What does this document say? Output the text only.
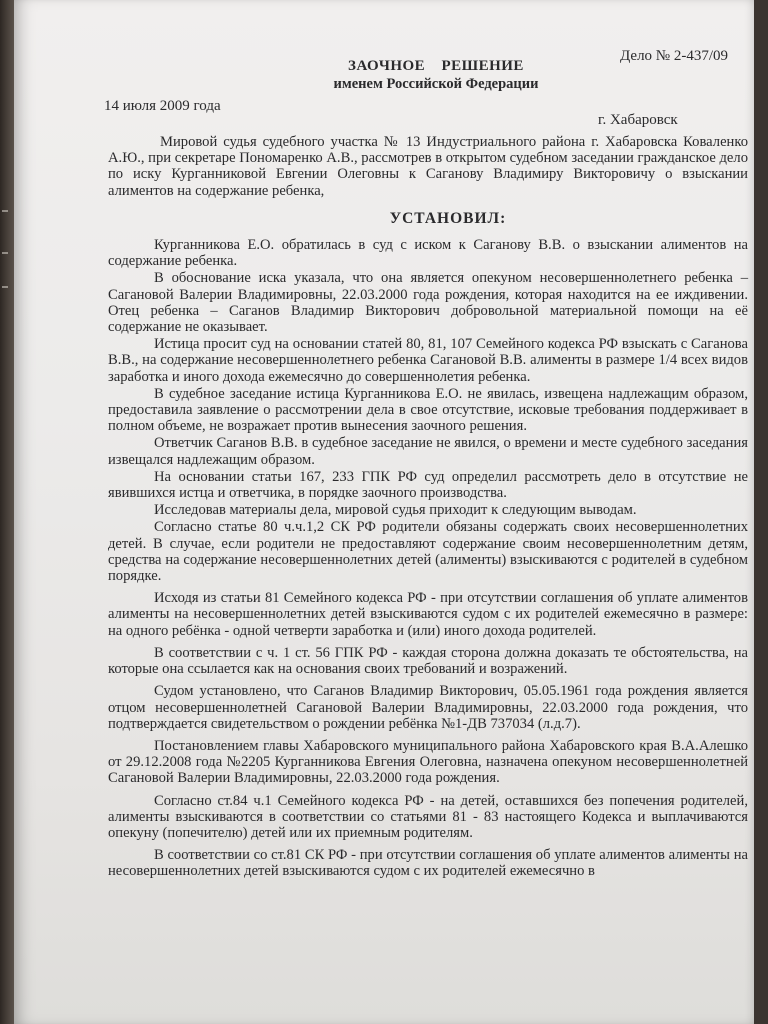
Дело № 2-437/09
ЗАОЧНОЕ РЕШЕНИЕ
именем Российской Федерации
14 июля 2009 года
г. Хабаровск

Мировой судья судебного участка № 13 Индустриального района г. Хабаровска Коваленко А.Ю., при секретаре Пономаренко А.В., рассмотрев в открытом судебном заседании гражданское дело по иску Курганниковой Евгении Олеговны к Саганову Владимиру Викторовичу о взыскании алиментов на содержание ребенка,

УСТАНОВИЛ:

Курганникова Е.О. обратилась в суд с иском к Саганову В.В. о взыскании алиментов на содержание ребенка.

В обоснование иска указала, что она является опекуном несовершеннолетнего ребенка – Сагановой Валерии Владимировны, 22.03.2000 года рождения, которая находится на ее иждивении. Отец ребенка – Саганов Владимир Викторович добровольной материальной помощи на её содержание не оказывает.

Истица просит суд на основании статей 80, 81, 107 Семейного кодекса РФ взыскать с Саганова В.В., на содержание несовершеннолетнего ребенка Сагановой В.В. алименты в размере 1/4 всех видов заработка и иного дохода ежемесячно до совершеннолетия ребенка.

В судебное заседание истица Курганникова Е.О. не явилась, извещена надлежащим образом, предоставила заявление о рассмотрении дела в свое отсутствие, исковые требования поддерживает в полном объеме, не возражает против вынесения заочного решения.

Ответчик Саганов В.В. в судебное заседание не явился, о времени и месте судебного заседания извещался надлежащим образом.

На основании статьи 167, 233 ГПК РФ суд определил рассмотреть дело в отсутствие не явившихся истца и ответчика, в порядке заочного производства.

Исследовав материалы дела, мировой судья приходит к следующим выводам.

Согласно статье 80 ч.ч.1,2 СК РФ родители обязаны содержать своих несовершеннолетних детей. В случае, если родители не предоставляют содержание своим несовершеннолетним детям, средства на содержание несовершеннолетних детей (алименты) взыскиваются с родителей в судебном порядке.

Исходя из статьи 81 Семейного кодекса РФ - при отсутствии соглашения об уплате алиментов алименты на несовершеннолетних детей взыскиваются судом с их родителей ежемесячно в размере: на одного ребёнка - одной четверти заработка и (или) иного дохода родителей.

В соответствии с ч. 1 ст. 56 ГПК РФ - каждая сторона должна доказать те обстоятельства, на которые она ссылается как на основания своих требований и возражений.

Судом установлено, что Саганов Владимир Викторович, 05.05.1961 года рождения является отцом несовершеннолетней Сагановой Валерии Владимировны, 22.03.2000 года рождения, что подтверждается свидетельством о рождении ребёнка №1-ДВ 737034 (л.д.7).

Постановлением главы Хабаровского муниципального района Хабаровского края В.А.Алешко от 29.12.2008 года №2205 Курганникова Евгения Олеговна, назначена опекуном несовершеннолетней Сагановой Валерии Владимировны, 22.03.2000 года рождения.

Согласно ст.84 ч.1 Семейного кодекса РФ - на детей, оставшихся без попечения родителей, алименты взыскиваются в соответствии со статьями 81 - 83 настоящего Кодекса и выплачиваются опекуну (попечителю) детей или их приемным родителям.

В соответствии со ст.81 СК РФ - при отсутствии соглашения об уплате алиментов алименты на несовершеннолетних детей взыскиваются судом с их родителей ежемесячно в
